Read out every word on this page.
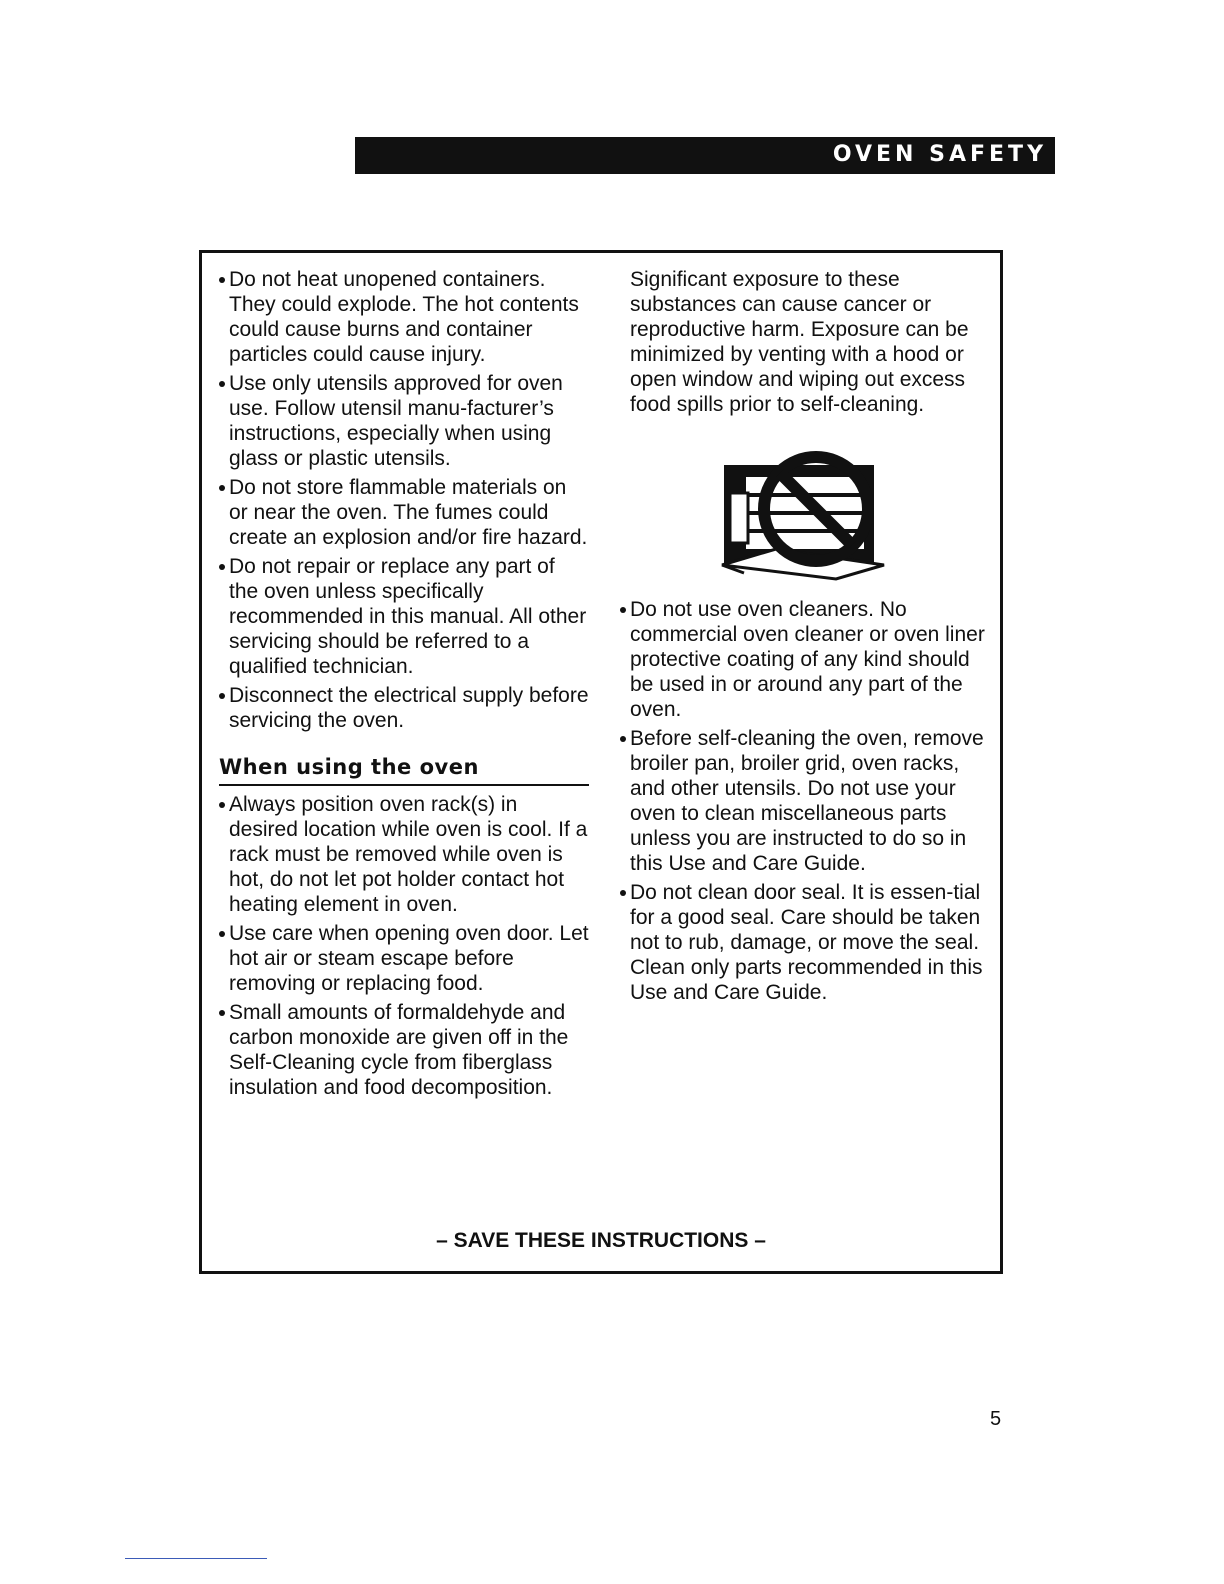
OVEN SAFETY
Do not heat unopened containers. They could explode. The hot contents could cause burns and container particles could cause injury.
Use only utensils approved for oven use. Follow utensil manu-facturer’s instructions, especially when using glass or plastic utensils.
Do not store flammable materials on or near the oven. The fumes could create an explosion and/or fire hazard.
Do not repair or replace any part of the oven unless specifically recommended in this manual. All other servicing should be referred to a qualified technician.
Disconnect the electrical supply before servicing the oven.
When using the oven
Always position oven rack(s) in desired location while oven is cool. If a rack must be removed while oven is hot, do not let pot holder contact hot heating element in oven.
Use care when opening oven door. Let hot air or steam escape before removing or replacing food.
Small amounts of formaldehyde and carbon monoxide are given off in the Self-Cleaning cycle from fiberglass insulation and food decomposition.

Significant exposure to these substances can cause cancer or reproductive harm. Exposure can be minimized by venting with a hood or open window and wiping out excess food spills prior to self-cleaning.

Do not use oven cleaners. No commercial oven cleaner or oven liner protective coating of any kind should be used in or around any part of the oven.
Before self-cleaning the oven, remove broiler pan, broiler grid, oven racks, and other utensils. Do not use your oven to clean miscellaneous parts unless you are instructed to do so in this Use and Care Guide.
Do not clean door seal. It is essen-tial for a good seal. Care should be taken not to rub, damage, or move the seal. Clean only parts recommended in this Use and Care Guide.
– SAVE THESE INSTRUCTIONS –
5
